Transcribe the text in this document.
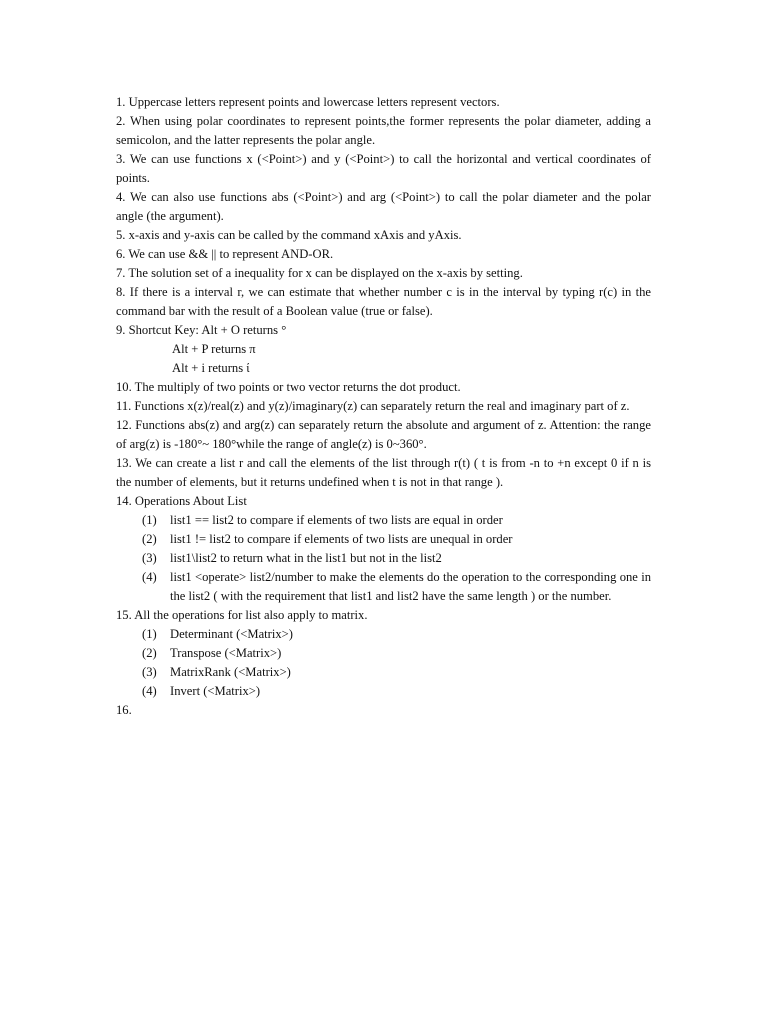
1. Uppercase letters represent points and lowercase letters represent vectors.

2. When using polar coordinates to represent points,the former represents the polar diameter, adding a semicolon, and the latter represents the polar angle.

3. We can use functions x (<Point>) and y (<Point>) to call the horizontal and vertical coordinates of points.

4. We can also use functions abs (<Point>) and arg (<Point>) to call the polar diameter and the polar angle (the argument).

5. x-axis and y-axis can be called by the command xAxis and yAxis.

6. We can use && || to represent AND-OR.

7. The solution set of a inequality for x can be displayed on the x-axis by setting.

8. If there is a interval r, we can estimate that whether number c is in the interval by typing r(c) in the command bar with the result of a Boolean value (true or false).

9. Shortcut Key: Alt + O returns °

Alt + P returns π

Alt + i returns ί

10. The multiply of two points or two vector returns the dot product.

11. Functions x(z)/real(z) and y(z)/imaginary(z) can separately return the real and imaginary part of z.

12. Functions abs(z) and arg(z) can separately return the absolute and argument of z. Attention: the range of arg(z) is -180°~ 180°while the range of angle(z) is 0~360°.

13. We can create a list r and call the elements of the list through r(t) ( t is from -n to +n except 0 if n is the number of elements, but it returns undefined when t is not in that range ).

14. Operations About List

(1)	list1 == list2 to compare if elements of two lists are equal in order
(2)	list1 != list2 to compare if elements of two lists are unequal in order
(3)	list1\list2 to return what in the list1 but not in the list2
(4)	list1 <operate> list2/number to make the elements do the operation to the corresponding one in the list2 ( with the requirement that list1 and list2 have the same length ) or the number.

15. All the operations for list also apply to matrix.

(1)	Determinant (<Matrix>)
(2)	Transpose (<Matrix>)
(3)	MatrixRank (<Matrix>)
(4)	Invert (<Matrix>)

16.
